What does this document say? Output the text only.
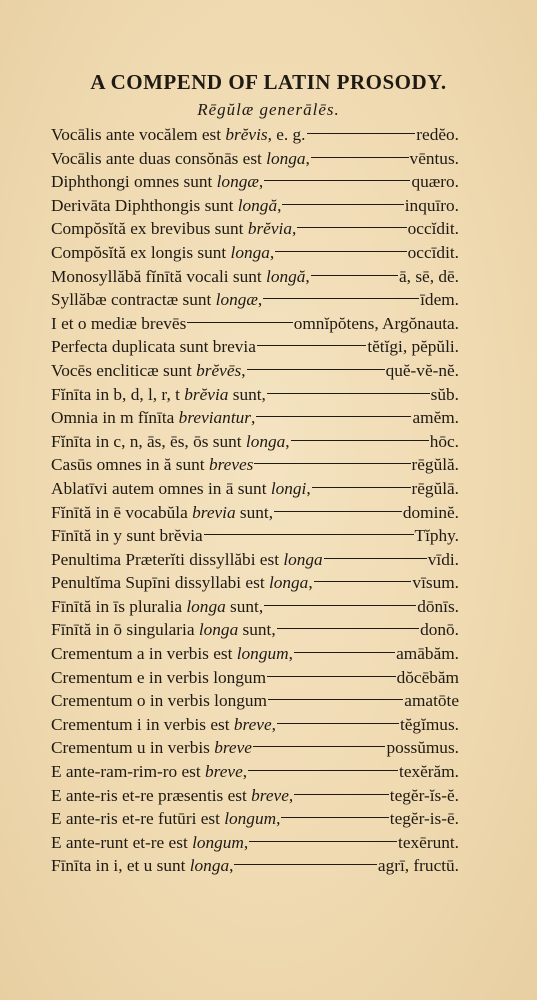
A COMPEND OF LATIN PROSODY.
Rēgŭlæ generālēs.
Vocālis ante vocălem est brĕvis, e. g.	redĕo.
Vocālis ante duas consŏnās est longa,	vēntus.
Diphthongi omnes sunt longæ,	quæro.
Derivāta Diphthongis sunt longă,	inquīro.
Compŏsĭtă ex brevibus sunt brĕvia,	occĭdit.
Compŏsĭtă ex longis sunt longa,	occīdit.
Monosyllăbă fĭnītă vocali sunt longă,	ā, sē, dē.
Syllăbæ contractæ sunt longæ,	īdem.
I et o mediæ brevēs	omnĭpŏtens, Argŏnauta.
Perfecta duplicata sunt brevia	tĕtĭgi, pĕpŭli.
Vocēs encliticæ sunt brĕvēs,	quĕ-vĕ-nĕ.
Fĭnīta in b, d, l, r, t brĕvia sunt,	sŭb.
Omnia in m fĭnīta breviantur,	amĕm.
Fĭnīta in c, n, ās, ēs, ōs sunt longa,	hōc.
Casūs omnes in ă sunt breves	rēgŭlă.
Ablatīvi autem omnes in ā sunt longi,	rēgŭlā.
Fĭnītă in ē vocabŭla brevia sunt,	dominĕ.
Fīnītă in y sunt brĕvia	Tĭphy.
Penultima Præterĭti dissyllăbi est longa	vīdi.
Penultĭma Supīni dissyllabi est longa,	vīsum.
Fīnītă in īs pluralia longa sunt,	dōnīs.
Fīnītă in ō singularia longa sunt,	donō.
Crementum a in verbis est longum,	amābăm.
Crementum e in verbis longum	dŏcēbăm
Crementum o in verbis longum	amatōte
Crementum i in verbis est breve,	tĕgĭmus.
Crementum u in verbis breve	possŭmus.
E ante-ram-rim-ro est breve,	texĕrăm.
E ante-ris et-re præsentis est breve,	tegĕr-ĭs-ĕ.
E ante-ris et-re futūri est longum,	tegĕr-is-ē.
E ante-runt et-re est longum,	texērunt.
Fīnīta in i, et u sunt longa,	agrī, fructū.
